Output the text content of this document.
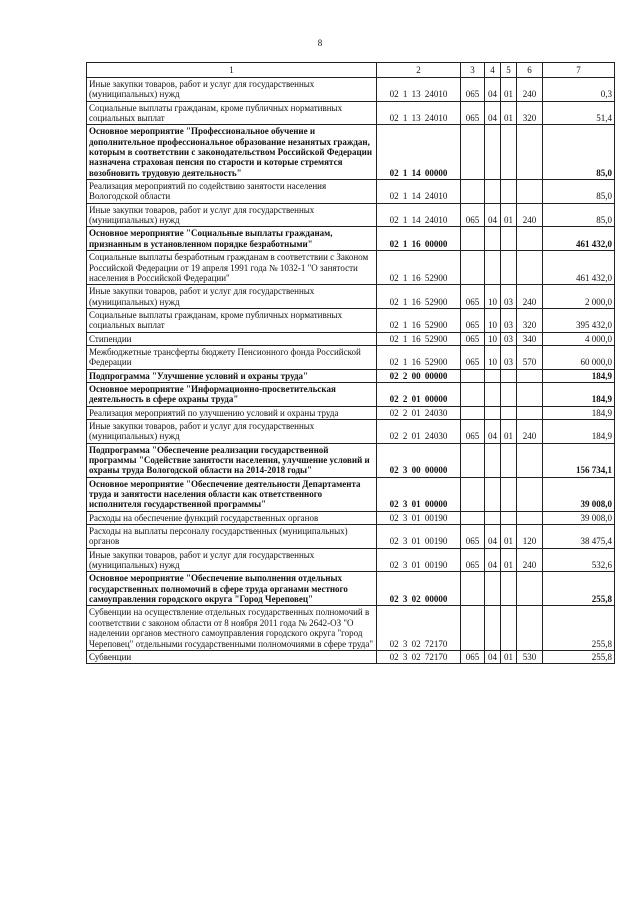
8
1	2	3	4	5	6	7
Иные закупки товаров, работ и услуг для государственных (муниципальных) нужд	02 1 13 24010	065	04	01	240	0,3
Социальные выплаты гражданам, кроме публичных нормативных социальных выплат	02 1 13 24010	065	04	01	320	51,4
Основное мероприятие "Профессиональное обучение и дополнительное профессиональное образование незанятых граждан, которым в соответствии с законодательством Российской Федерации назначена страховая пенсия по старости и которые стремятся возобновить трудовую деятельность"	02 1 14 00000					85,0
Реализация мероприятий по содействию занятости населения Вологодской области	02 1 14 24010					85,0
Иные закупки товаров, работ и услуг для государственных (муниципальных) нужд	02 1 14 24010	065	04	01	240	85,0
Основное мероприятие "Социальные выплаты гражданам, признанным в установленном порядке безработными"	02 1 16 00000					461 432,0
Социальные выплаты безработным гражданам в соответствии с Законом Российской Федерации от 19 апреля 1991 года № 1032-1 "О занятости населения в Российской Федерации"	02 1 16 52900					461 432,0
Иные закупки товаров, работ и услуг для государственных (муниципальных) нужд	02 1 16 52900	065	10	03	240	2 000,0
Социальные выплаты гражданам, кроме публичных нормативных социальных выплат	02 1 16 52900	065	10	03	320	395 432,0
Стипендии	02 1 16 52900	065	10	03	340	4 000,0
Межбюджетные трансферты бюджету Пенсионного фонда Российской Федерации	02 1 16 52900	065	10	03	570	60 000,0
Подпрограмма "Улучшение условий и охраны труда"	02 2 00 00000					184,9
Основное мероприятие "Информационно-просветительская деятельность в сфере охраны труда"	02 2 01 00000					184,9
Реализация мероприятий по улучшению условий и охраны труда	02 2 01 24030					184,9
Иные закупки товаров, работ и услуг для государственных (муниципальных) нужд	02 2 01 24030	065	04	01	240	184,9
Подпрограмма "Обеспечение реализации государственной программы "Содействие занятости населения, улучшение условий и охраны труда Вологодской области на 2014-2018 годы"	02 3 00 00000					156 734,1
Основное мероприятие "Обеспечение деятельности Департамента труда и занятости населения области как ответственного исполнителя государственной программы"	02 3 01 00000					39 008,0
Расходы на обеспечение функций государственных органов	02 3 01 00190					39 008,0
Расходы на выплаты персоналу государственных (муниципальных) органов	02 3 01 00190	065	04	01	120	38 475,4
Иные закупки товаров, работ и услуг для государственных (муниципальных) нужд	02 3 01 00190	065	04	01	240	532,6
Основное мероприятие "Обеспечение выполнения отдельных государственных полномочий в сфере труда органами местного самоуправления городского округа "Город Череповец"	02 3 02 00000					255,8
Субвенции на осуществление отдельных государственных полномочий в соответствии с законом области от 8 ноября 2011 года № 2642-ОЗ "О наделении органов местного самоуправления городского округа "город Череповец" отдельными государственными полномочиями в сфере труда"	02 3 02 72170					255,8
Субвенции	02 3 02 72170	065	04	01	530	255,8
